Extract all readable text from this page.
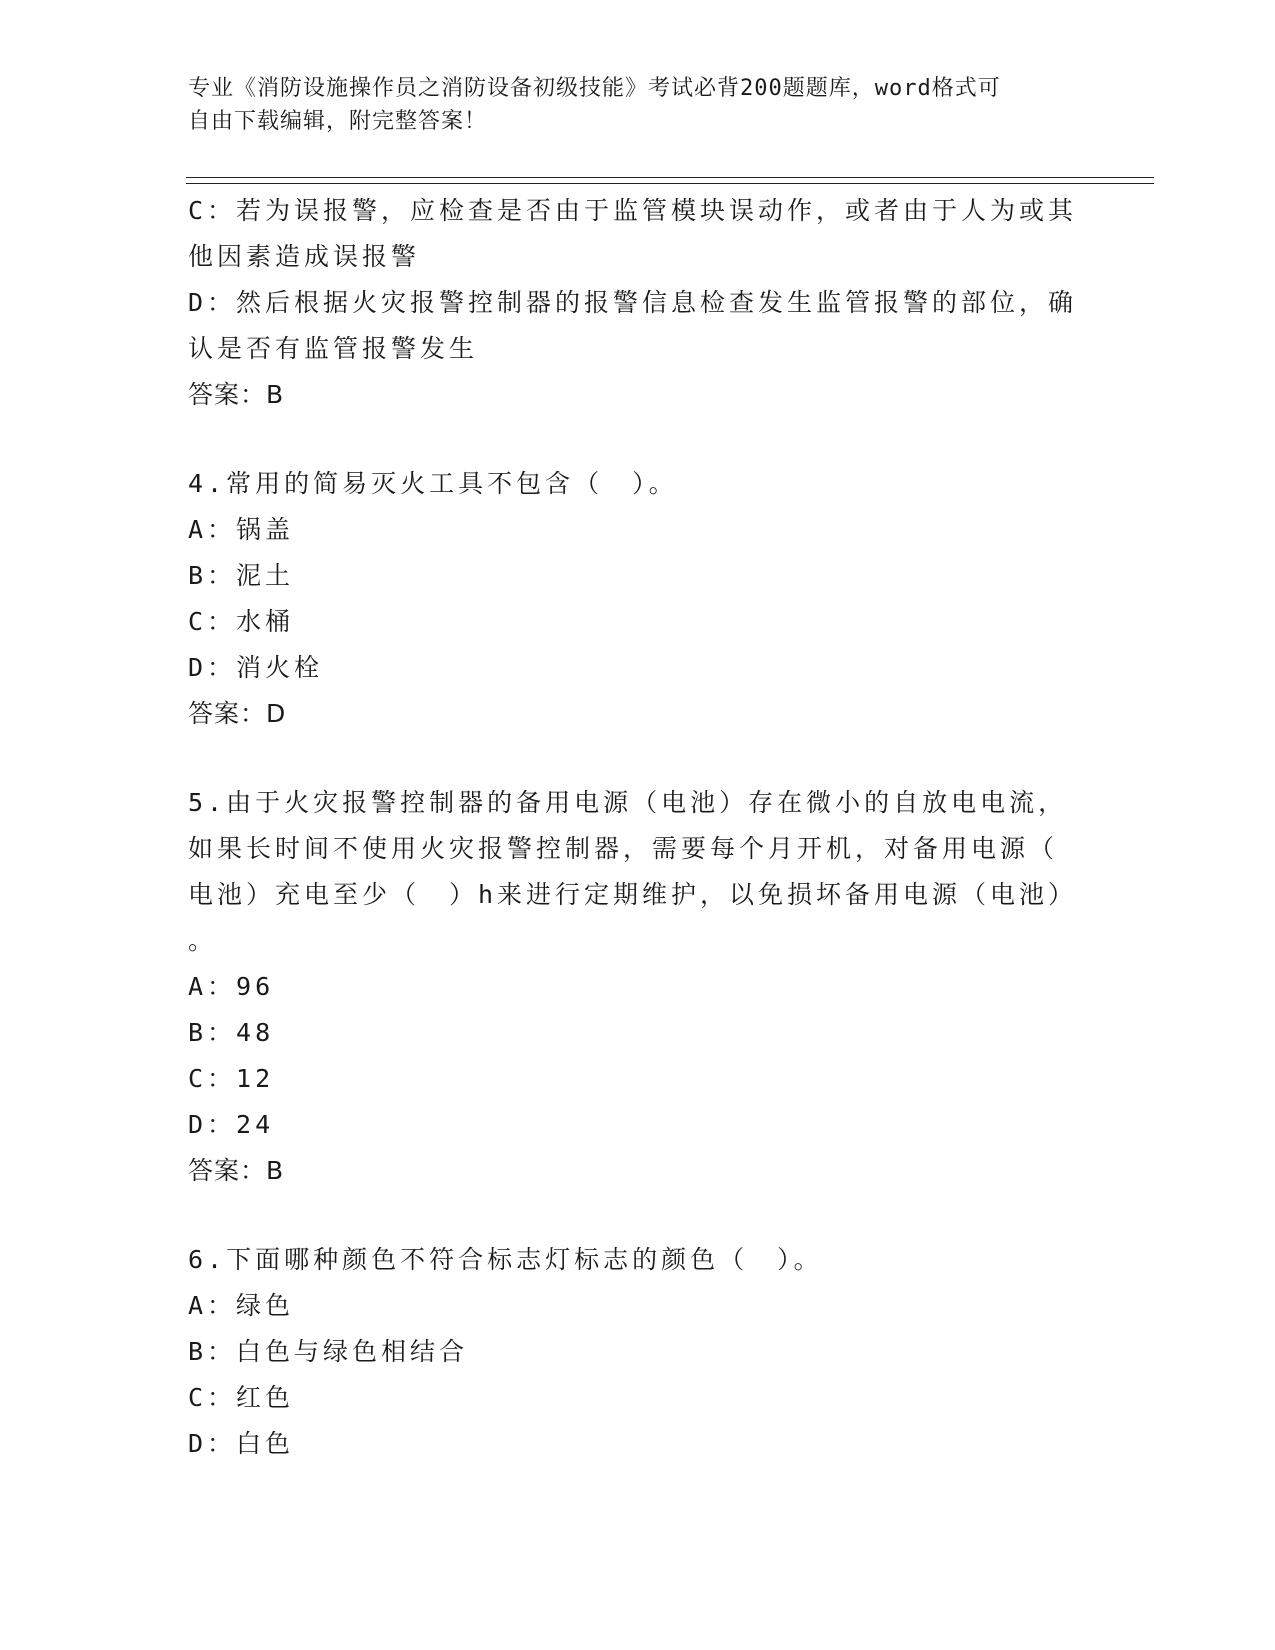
专业《消防设施操作员之消防设备初级技能》考试必背200题题库，word格式可
自由下载编辑，附完整答案！
C：若为误报警，应检查是否由于监管模块误动作，或者由于人为或其
他因素造成误报警
D：然后根据火灾报警控制器的报警信息检查发生监管报警的部位，确
认是否有监管报警发生
答案：B
4.常用的简易灭火工具不包含（　）。
A：锅盖
B：泥土
C：水桶
D：消火栓
答案：D
5.由于火灾报警控制器的备用电源（电池）存在微小的自放电电流，
如果长时间不使用火灾报警控制器，需要每个月开机，对备用电源（
电池）充电至少（　）h来进行定期维护，以免损坏备用电源（电池）
。
A：96
B：48
C：12
D：24
答案：B
6.下面哪种颜色不符合标志灯标志的颜色（　）。
A：绿色
B：白色与绿色相结合
C：红色
D：白色
